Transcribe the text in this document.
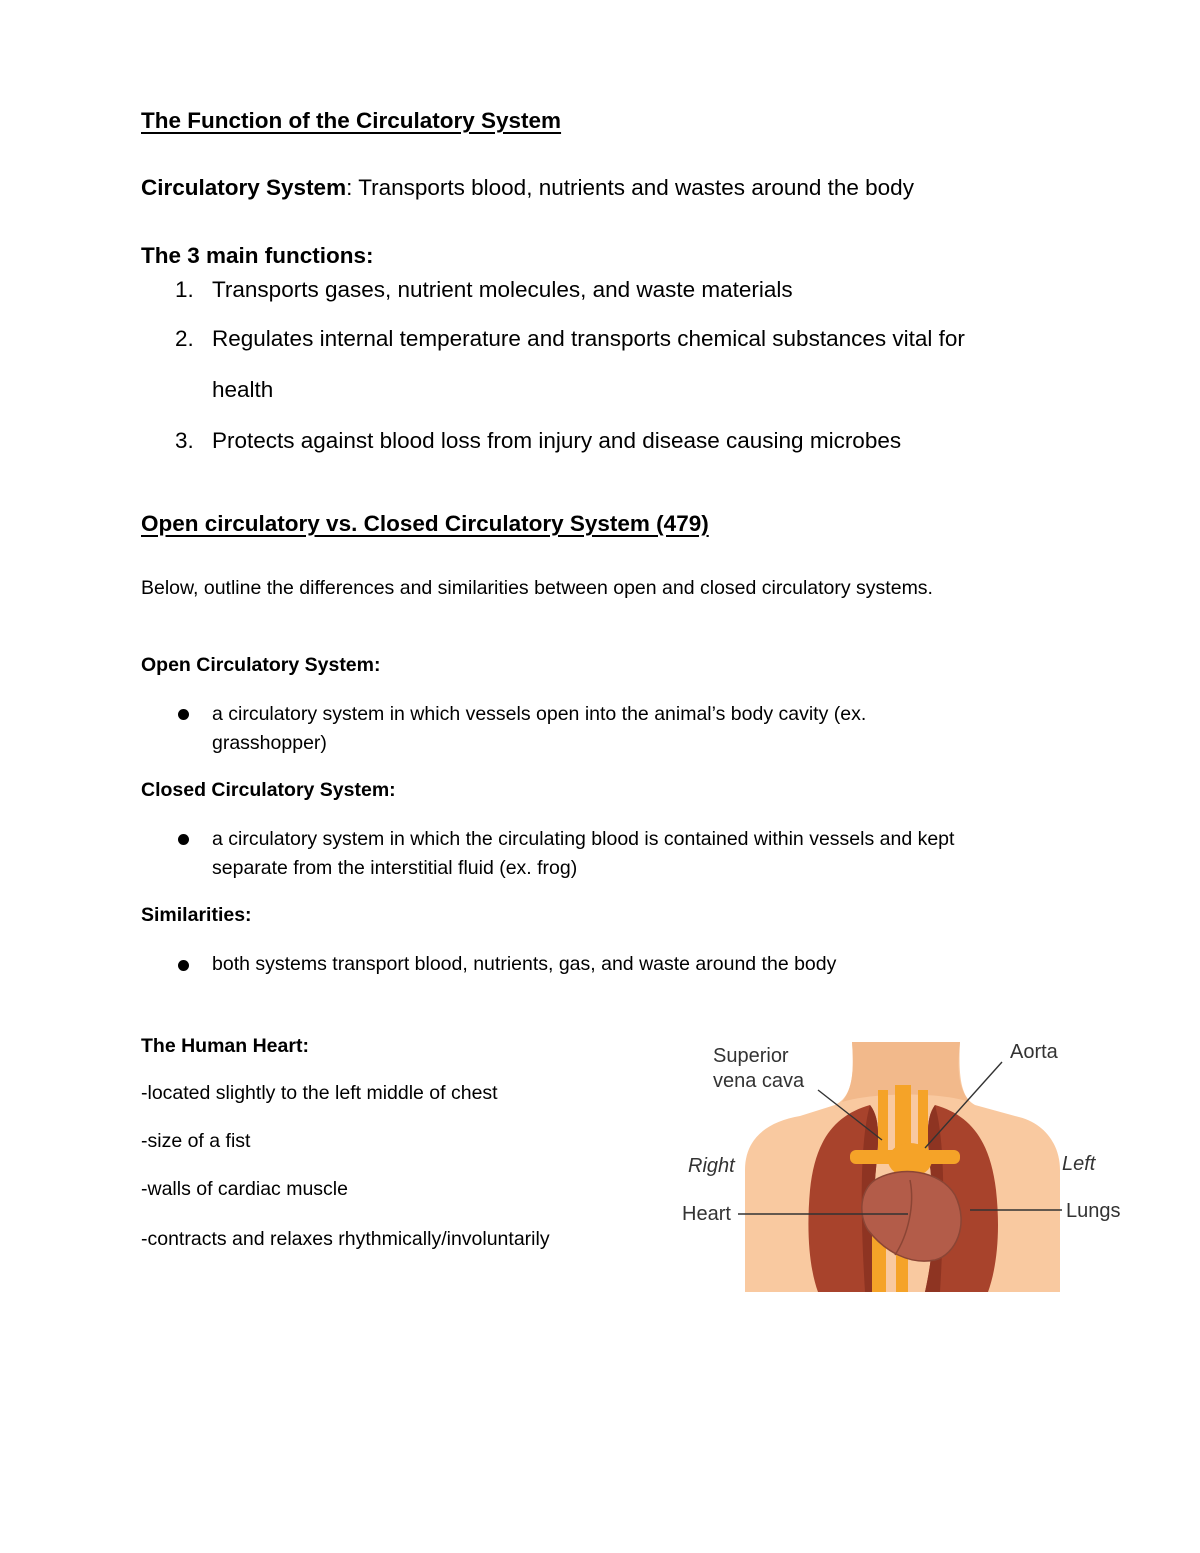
The Function of the Circulatory System
Circulatory System: Transports blood, nutrients and wastes around the body
The 3 main functions:
1. Transports gases, nutrient molecules, and waste materials
2. Regulates internal temperature and transports chemical substances vital for
health
3. Protects against blood loss from injury and disease causing microbes
Open circulatory vs. Closed Circulatory System (479)
Below, outline the differences and similarities between open and closed circulatory systems.
Open Circulatory System:
a circulatory system in which vessels open into the animal’s body cavity (ex.
grasshopper)
Closed Circulatory System:
a circulatory system in which the circulating blood is contained within vessels and kept
separate from the interstitial fluid (ex. frog)
Similarities:
both systems transport blood, nutrients, gas, and waste around the body
The Human Heart:
-located slightly to the left middle of chest
-size of a fist
-walls of cardiac muscle
-contracts and relaxes rhythmically/involuntarily
Superior
vena cava
Aorta
Right	Left
Heart	Lungs
